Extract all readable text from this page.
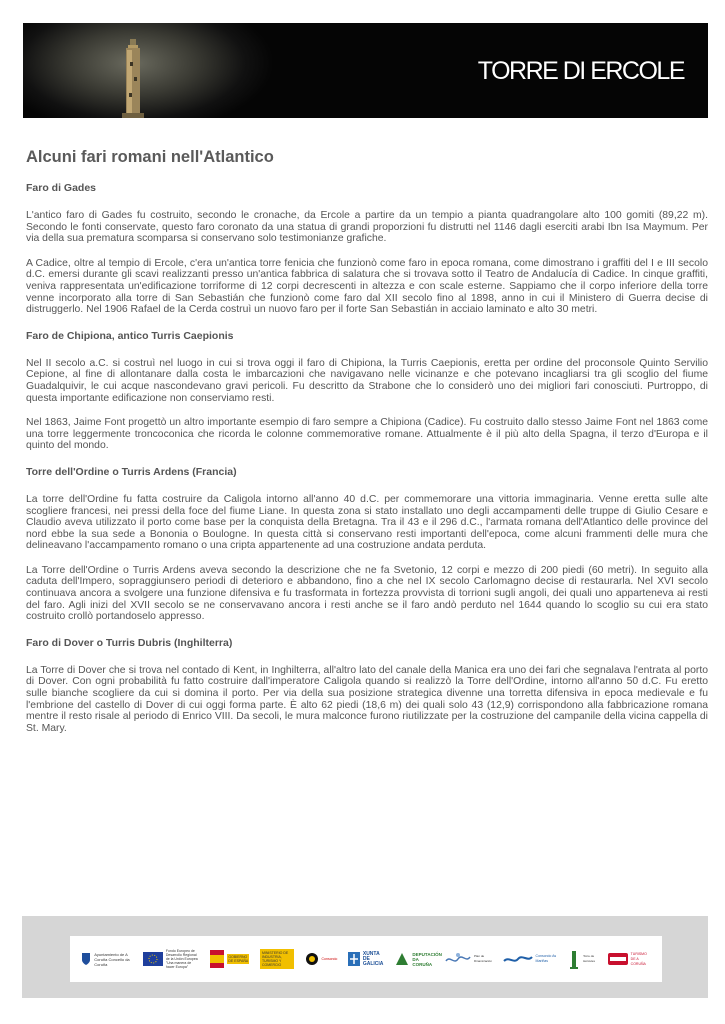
TORRE DI ERCOLE
Alcuni fari romani nell'Atlantico
Faro di Gades

L'antico faro di Gades fu costruito, secondo le cronache, da Ercole a partire da un tempio a pianta quadrangolare alto 100 gomiti (89,22 m). Secondo le fonti conservate, questo faro coronato da una statua di grandi proporzioni fu distrutti nel 1146 dagli eserciti arabi Ibn Isa Maymum. Per via della sua prematura scomparsa si conservano solo testimonianze grafiche.

A Cadice, oltre al tempio di Ercole, c'era un'antica torre fenicia che funzionò come faro in epoca romana, come dimostrano i graffiti del I e III secolo d.C. emersi durante gli scavi realizzanti presso un'antica fabbrica di salatura che si trovava sotto il Teatro de Andalucía di Cadice. In cinque graffiti, veniva rappresentata un'edificazione torriforme di 12 corpi decrescenti in altezza e con scale esterne. Sappiamo che il corpo inferiore della torre venne incorporato alla torre di San Sebastián che funzionò come faro dal XII secolo fino al 1898, anno in cui il Ministero di Guerra decise di distruggerlo. Nel 1906 Rafael de la Cerda costruì un nuovo faro per il forte San Sebastián in acciaio laminato e alto 30 metri.

Faro de Chipiona, antico Turris Caepionis

Nel II secolo a.C. si costruì nel luogo in cui si trova oggi il faro di Chipiona, la Turris Caepionis, eretta per ordine del proconsole Quinto Servilio Cepione, al fine di allontanare dalla costa le imbarcazioni che navigavano nelle vicinanze e che potevano incagliarsi tra gli scoglio del fiume Guadalquivir, le cui acque nascondevano gravi pericoli. Fu descritto da Strabone che lo considerò uno dei migliori fari conosciuti. Purtroppo, di questa importante edificazione non conserviamo resti.

Nel 1863, Jaime Font progettò un altro importante esempio di faro sempre a Chipiona (Cadice). Fu costruito dallo stesso Jaime Font nel 1863 come una torre leggermente troncoconica che ricorda le colonne commemorative romane. Attualmente è il più alto della Spagna, il terzo d'Europa e il quinto del mondo.

Torre dell'Ordine o Turris Ardens (Francia)

La torre dell'Ordine fu fatta costruire da Caligola intorno all'anno 40 d.C. per commemorare una vittoria immaginaria. Venne eretta sulle alte scogliere francesi, nei pressi della foce del fiume Liane. In questa zona si stato installato uno degli accampamenti delle truppe di Giulio Cesare e Claudio aveva utilizzato il porto come base per la conquista della Bretagna. Tra il 43 e il 296 d.C., l'armata romana dell'Atlantico delle province del nord ebbe la sua sede a Bononia o Boulogne. In questa città si conservano resti importanti dell'epoca, come alcuni frammenti delle mura che delineavano l'accampamento romano o una cripta appartenente ad una costruzione andata perduta.

La Torre dell'Ordine o Turris Ardens aveva secondo la descrizione che ne fa Svetonio, 12 corpi e mezzo di 200 piedi (60 metri). In seguito alla caduta dell'Impero, sopraggiunsero periodi di deterioro e abbandono, fino a che nel IX secolo Carlomagno decise di restaurarla. Nel XVI secolo continuava ancora a svolgere una funzione difensiva e fu trasformata in fortezza provvista di torrioni sugli angoli, dei quali uno apparteneva ai resti del faro. Agli inizi del XVII secolo se ne conservavano ancora i resti anche se il faro andò perduto nel 1644 quando lo scoglio su cui era stato costruito crollò portandoselo appresso.

Faro di Dover o Turris Dubris (Inghilterra)

La Torre di Dover che si trova nel contado di Kent, in Inghilterra, all'altro lato del canale della Manica era uno dei fari che segnalava l'entrata al porto di Dover. Con ogni probabilità fu fatto costruire dall'imperatore Caligola quando si realizzò la Torre dell'Ordine, intorno all'anno 50 d.C. Fu eretto sulle bianche scogliere da cui si domina il porto. Per via della sua posizione strategica divenne una torretta difensiva in epoca medievale e fu l'embrione del castello di Dover di cui oggi forma parte. È alto 62 piedi (18,6 m) dei quali solo 43 (12,9) corrispondono alla fabbricazione romana mentre il resto risale al periodo di Enrico VIII. Da secoli, le mura malconce furono riutilizzate per la costruzione del campanile della vicina cappella di St. Mary.

Ayuntamiento de A Coruña Concello da Coruña
Fondo Europeo de Desarrollo Regional de la Unión Europea "Una manera de hacer Europa"
GOBIERNO DE ESPAÑA
MINISTERIO DE INDUSTRIA, TURISMO Y COMERCIO
Consorcio
XUNTA DE GALICIA
DEPUTACIÓN DA CORUÑA
Plan de Dinamización
Consorcio As Mariñas
Torre de Hércules
TURISMO DE A CORUÑA
